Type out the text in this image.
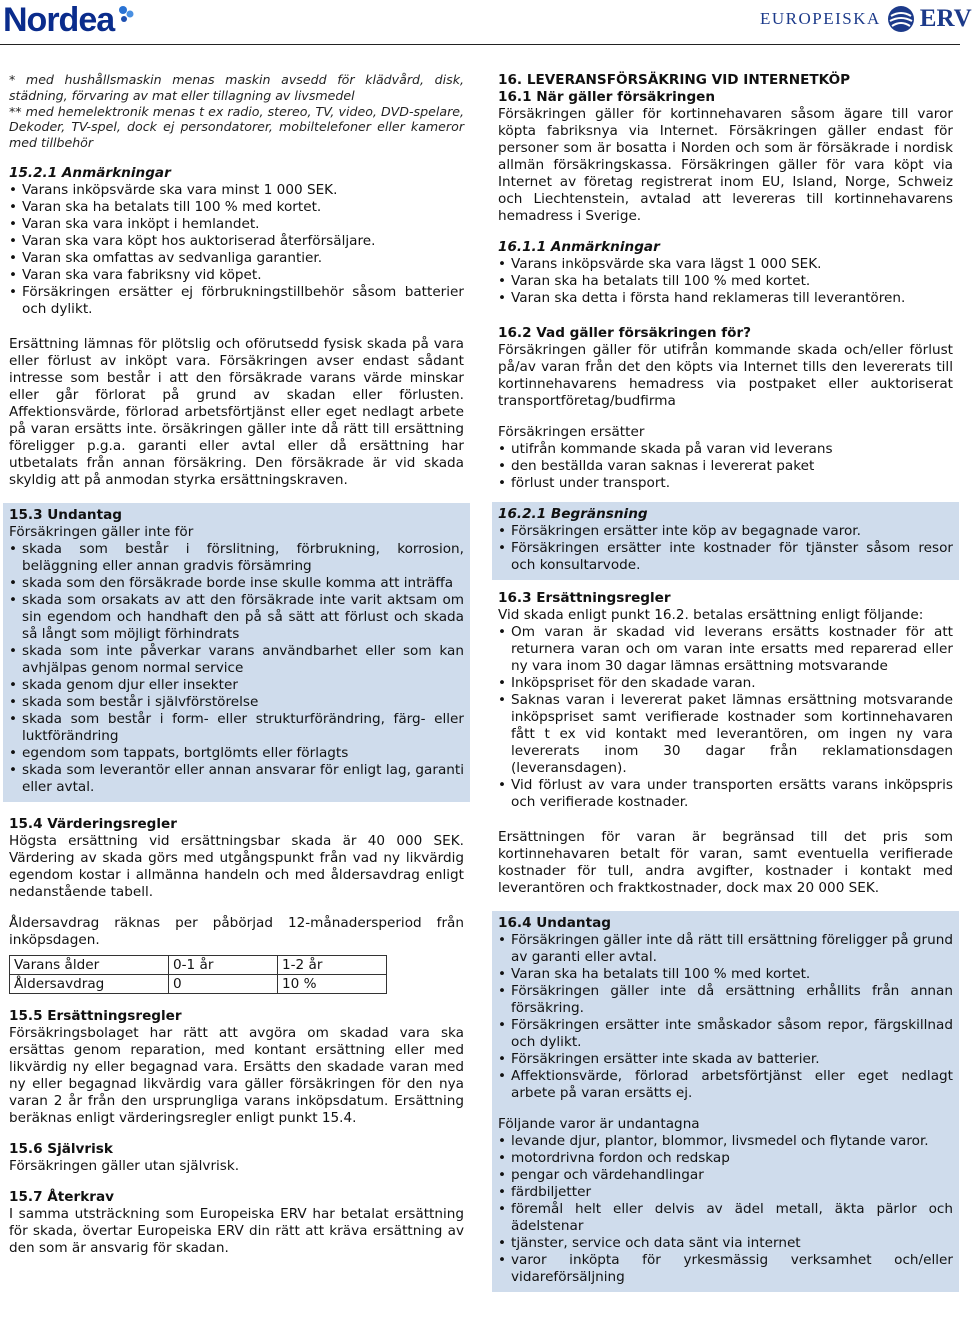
Nordea	EUROPEISKA ERV

* med hushållsmaskin menas maskin avsedd för klädvård, disk, städning, förvaring av mat eller tillagning av livsmedel

** med hemelektronik menas t ex radio, stereo, TV, video, DVD-spelare, Dekoder, TV-spel, dock ej persondatorer, mobiltelefoner eller kameror med tillbehör

15.2.1 Anmärkningar

• Varans inköpsvärde ska vara minst 1 000 SEK.
• Varan ska ha betalats till 100 % med kortet.
• Varan ska vara inköpt i hemlandet.
• Varan ska vara köpt hos auktoriserad återförsäljare.
• Varan ska omfattas av sedvanliga garantier.
• Varan ska vara fabriksny vid köpet.
• Försäkringen ersätter ej förbrukningstillbehör såsom batterier och dylikt.

Ersättning lämnas för plötslig och oförutsedd fysisk skada på vara eller förlust av inköpt vara. Försäkringen avser endast sådant intresse som består i att den försäkrade varans värde minskar eller går förlorat på grund av skadan eller förlusten. Affektionsvärde, förlorad arbetsförtjänst eller eget nedlagt arbete på varan ersätts inte. örsäkringen gäller inte då rätt till ersättning föreligger p.g.a. garanti eller avtal eller då ersättning har utbetalats från annan försäkring. Den försäkrade är vid skada skyldig att på anmodan styrka ersättningskraven.

15.3 Undantag

Försäkringen gäller inte för

• skada som består i förslitning, förbrukning, korrosion, beläggning eller annan gradvis försämring
• skada som den försäkrade borde inse skulle komma att inträffa
• skada som orsakats av att den försäkrade inte varit aktsam om sin egendom och handhaft den på så sätt att förlust och skada så långt som möjligt förhindrats
• skada som inte påverkar varans användbarhet eller som kan avhjälpas genom normal service
• skada genom djur eller insekter
• skada som består i självförstörelse
• skada som består i form- eller strukturförändring, färg- eller luktförändring
• egendom som tappats, bortglömts eller förlagts
• skada som leverantör eller annan ansvarar för enligt lag, garanti eller avtal.

15.4 Värderingsregler

Högsta ersättning vid ersättningsbar skada är 40 000 SEK. Värdering av skada görs med utgångspunkt från vad ny likvärdig egendom kostar i allmänna handeln och med åldersavdrag enligt nedanstående tabell.

Åldersavdrag räknas per påbörjad 12-månadersperiod från inköpsdagen.

Varans ålder	0-1 år	1-2 år
Åldersavdrag	0	10 %

15.5 Ersättningsregler

Försäkringsbolaget har rätt att avgöra om skadad vara ska ersättas genom reparation, med kontant ersättning eller med likvärdig ny eller begagnad vara. Ersätts den skadade varan med ny eller begagnad likvärdig vara gäller försäkringen för den nya varan 2 år från den ursprungliga varans inköpsdatum. Ersättning beräknas enligt värderingsregler enligt punkt 15.4.

15.6 Självrisk

Försäkringen gäller utan självrisk.

15.7 Återkrav

I samma utsträckning som Europeiska ERV har betalat ersättning för skada, övertar Europeiska ERV din rätt att kräva ersättning av den som är ansvarig för skadan.

16. LEVERANSFÖRSÄKRING VID INTERNETKÖP

16.1 När gäller försäkringen

Försäkringen gäller för kortinnehavaren såsom ägare till varor köpta fabriksnya via Internet. Försäkringen gäller endast för personer som är bosatta i Norden och som är försäkrade i nordisk allmän försäkringskassa. Försäkringen gäller för vara köpt via Internet av företag registrerat inom EU, Island, Norge, Schweiz och Liechtenstein, avtalad att levereras till kortinnehavarens hemadress i Sverige.

16.1.1 Anmärkningar

• Varans inköpsvärde ska vara lägst 1 000 SEK.
• Varan ska ha betalats till 100 % med kortet.
• Varan ska detta i första hand reklameras till leverantören.

16.2 Vad gäller försäkringen för?

Försäkringen gäller för utifrån kommande skada och/eller förlust på/av varan från det den köpts via Internet tills den levererats till kortinnehavarens hemadress via postpaket eller auktoriserat transportföretag/budfirma

Försäkringen ersätter

• utifrån kommande skada på varan vid leverans
• den beställda varan saknas i levererat paket
• förlust under transport.

16.2.1 Begränsning

• Försäkringen ersätter inte köp av begagnade varor.
• Försäkringen ersätter inte kostnader för tjänster såsom resor och konsultarvode.

16.3 Ersättningsregler

Vid skada enligt punkt 16.2. betalas ersättning enligt följande:

• Om varan är skadad vid leverans ersätts kostnader för att returnera varan och om varan inte ersatts med reparerad eller ny vara inom 30 dagar lämnas ersättning motsvarande
• Inköpspriset för den skadade varan.
• Saknas varan i levererat paket lämnas ersättning motsvarande inköpspriset samt verifierade kostnader som kortinnehavaren fått t ex vid kontakt med leverantören, om ingen ny vara levererats inom 30 dagar från reklamationsdagen (leveransdagen).
• Vid förlust av vara under transporten ersätts varans inköpspris och verifierade kostnader.

Ersättningen för varan är begränsad till det pris som kortinnehavaren betalt för varan, samt eventuella verifierade kostnader för tull, andra avgifter, kostnader i kontakt med leverantören och fraktkostnader, dock max 20 000 SEK.

16.4 Undantag

• Försäkringen gäller inte då rätt till ersättning föreligger på grund av garanti eller avtal.
• Varan ska ha betalats till 100 % med kortet.
• Försäkringen gäller inte då ersättning erhållits från annan försäkring.
• Försäkringen ersätter inte småskador såsom repor, färgskillnad och dylikt.
• Försäkringen ersätter inte skada av batterier.
• Affektionsvärde, förlorad arbetsförtjänst eller eget nedlagt arbete på varan ersätts ej.

Följande varor är undantagna

• levande djur, plantor, blommor, livsmedel och flytande varor.
• motordrivna fordon och redskap
• pengar och värdehandlingar
• färdbiljetter
• föremål helt eller delvis av ädel metall, äkta pärlor och ädelstenar
• tjänster, service och data sänt via internet
• varor inköpta för yrkesmässig verksamhet och/eller vidareförsäljning
